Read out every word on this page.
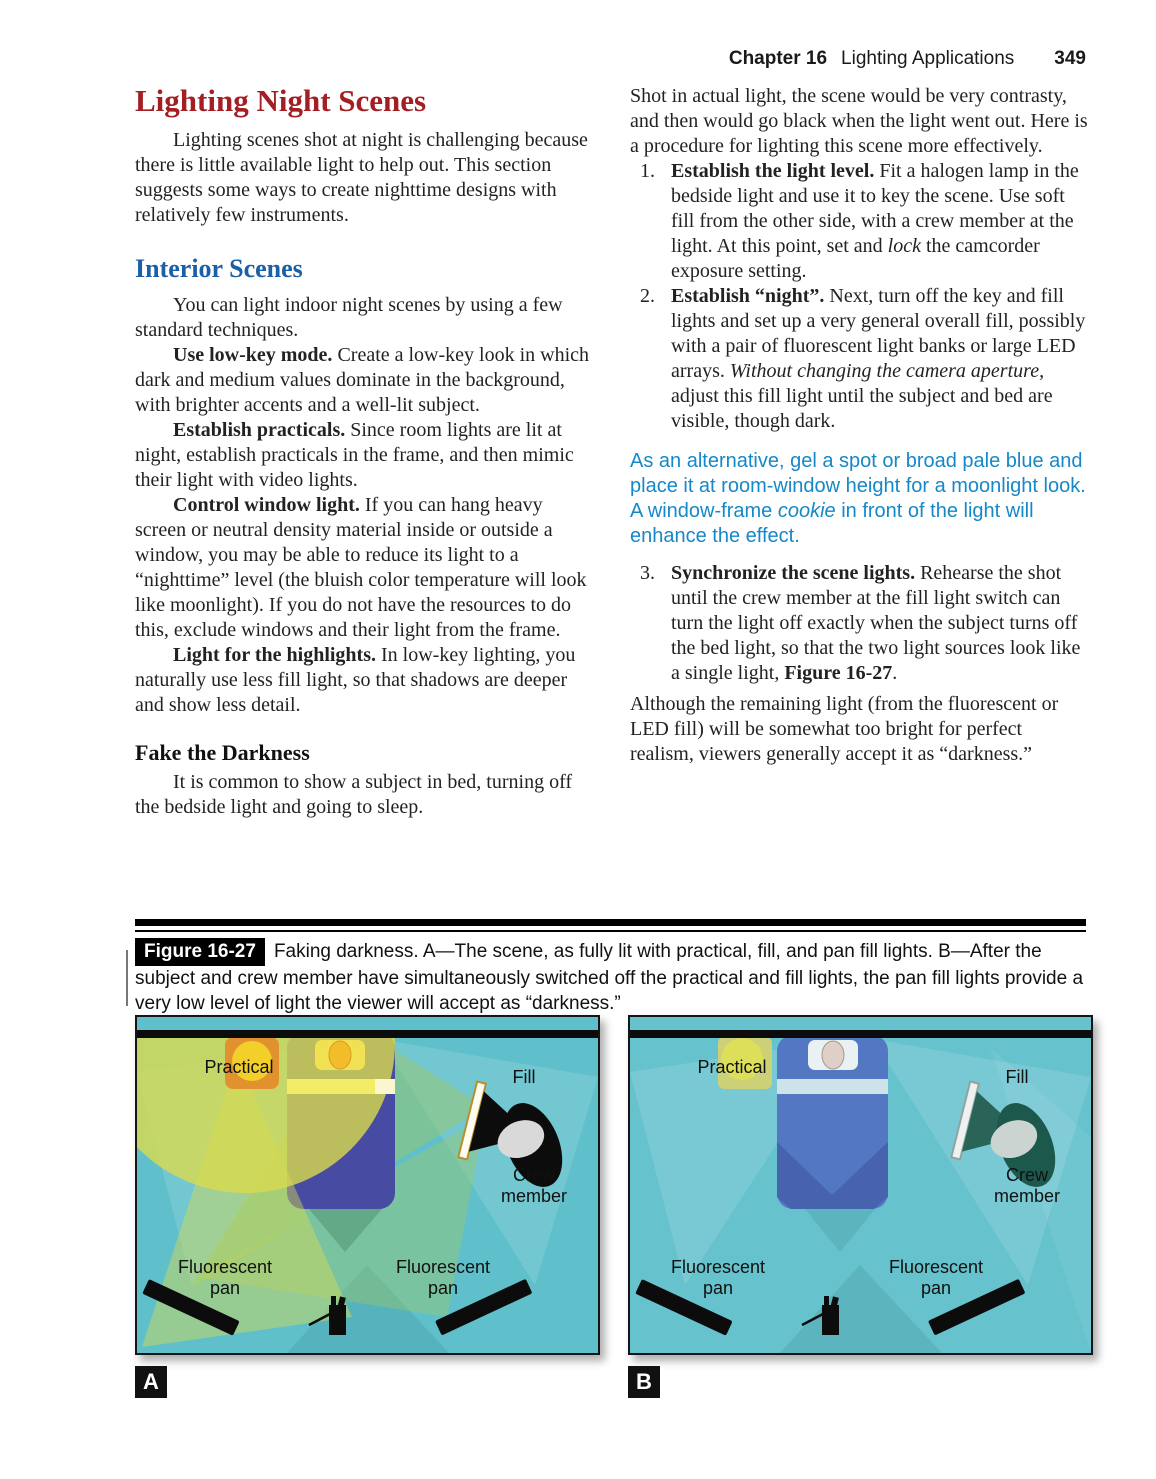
Chapter 16 Lighting Applications 349
Lighting Night Scenes

Lighting scenes shot at night is challenging because there is little available light to help out. This section suggests some ways to create nighttime designs with relatively few instruments.

Interior Scenes

You can light indoor night scenes by using a few standard techniques.

Use low-key mode. Create a low-key look in which dark and medium values dominate in the background, with brighter accents and a well-lit subject.

Establish practicals. Since room lights are lit at night, establish practicals in the frame, and then mimic their light with video lights.

Control window light. If you can hang heavy screen or neutral density material inside or outside a window, you may be able to reduce its light to a “nighttime” level (the bluish color temperature will look like moonlight). If you do not have the resources to do this, exclude windows and their light from the frame.

Light for the highlights. In low-key lighting, you naturally use less fill light, so that shadows are deeper and show less detail.

Fake the Darkness

It is common to show a subject in bed, turning off the bedside light and going to sleep.

Shot in actual light, the scene would be very contrasty, and then would go black when the light went out. Here is a procedure for lighting this scene more effectively.

1. Establish the light level. Fit a halogen lamp in the bedside light and use it to key the scene. Use soft fill from the other side, with a crew member at the light. At this point, set and lock the camcorder exposure setting.

2. Establish “night”. Next, turn off the key and fill lights and set up a very general overall fill, possibly with a pair of fluorescent light banks or large LED arrays. Without changing the camera aperture, adjust this fill light until the subject and bed are visible, though dark.

As an alternative, gel a spot or broad pale blue and place it at room-window height for a moonlight look. A window-frame cookie in front of the light will enhance the effect.

3. Synchronize the scene lights. Rehearse the shot until the crew member at the fill light switch can turn the light off exactly when the subject turns off the bed light, so that the two light sources look like a single light, Figure 16-27.

Although the remaining light (from the fluorescent or LED fill) will be somewhat too bright for perfect realism, viewers generally accept it as “darkness.”

Figure 16-27 Faking darkness. A—The scene, as fully lit with practical, fill, and pan fill lights. B—After the subject and crew member have simultaneously switched off the practical and fill lights, the pan fill lights provide a very low level of light the viewer will accept as “darkness.”
Practical	Fill
Crew member
Fluorescent pan
Fluorescent pan
Practical	Fill
Crew member
Fluorescent pan
Fluorescent pan
A	B
